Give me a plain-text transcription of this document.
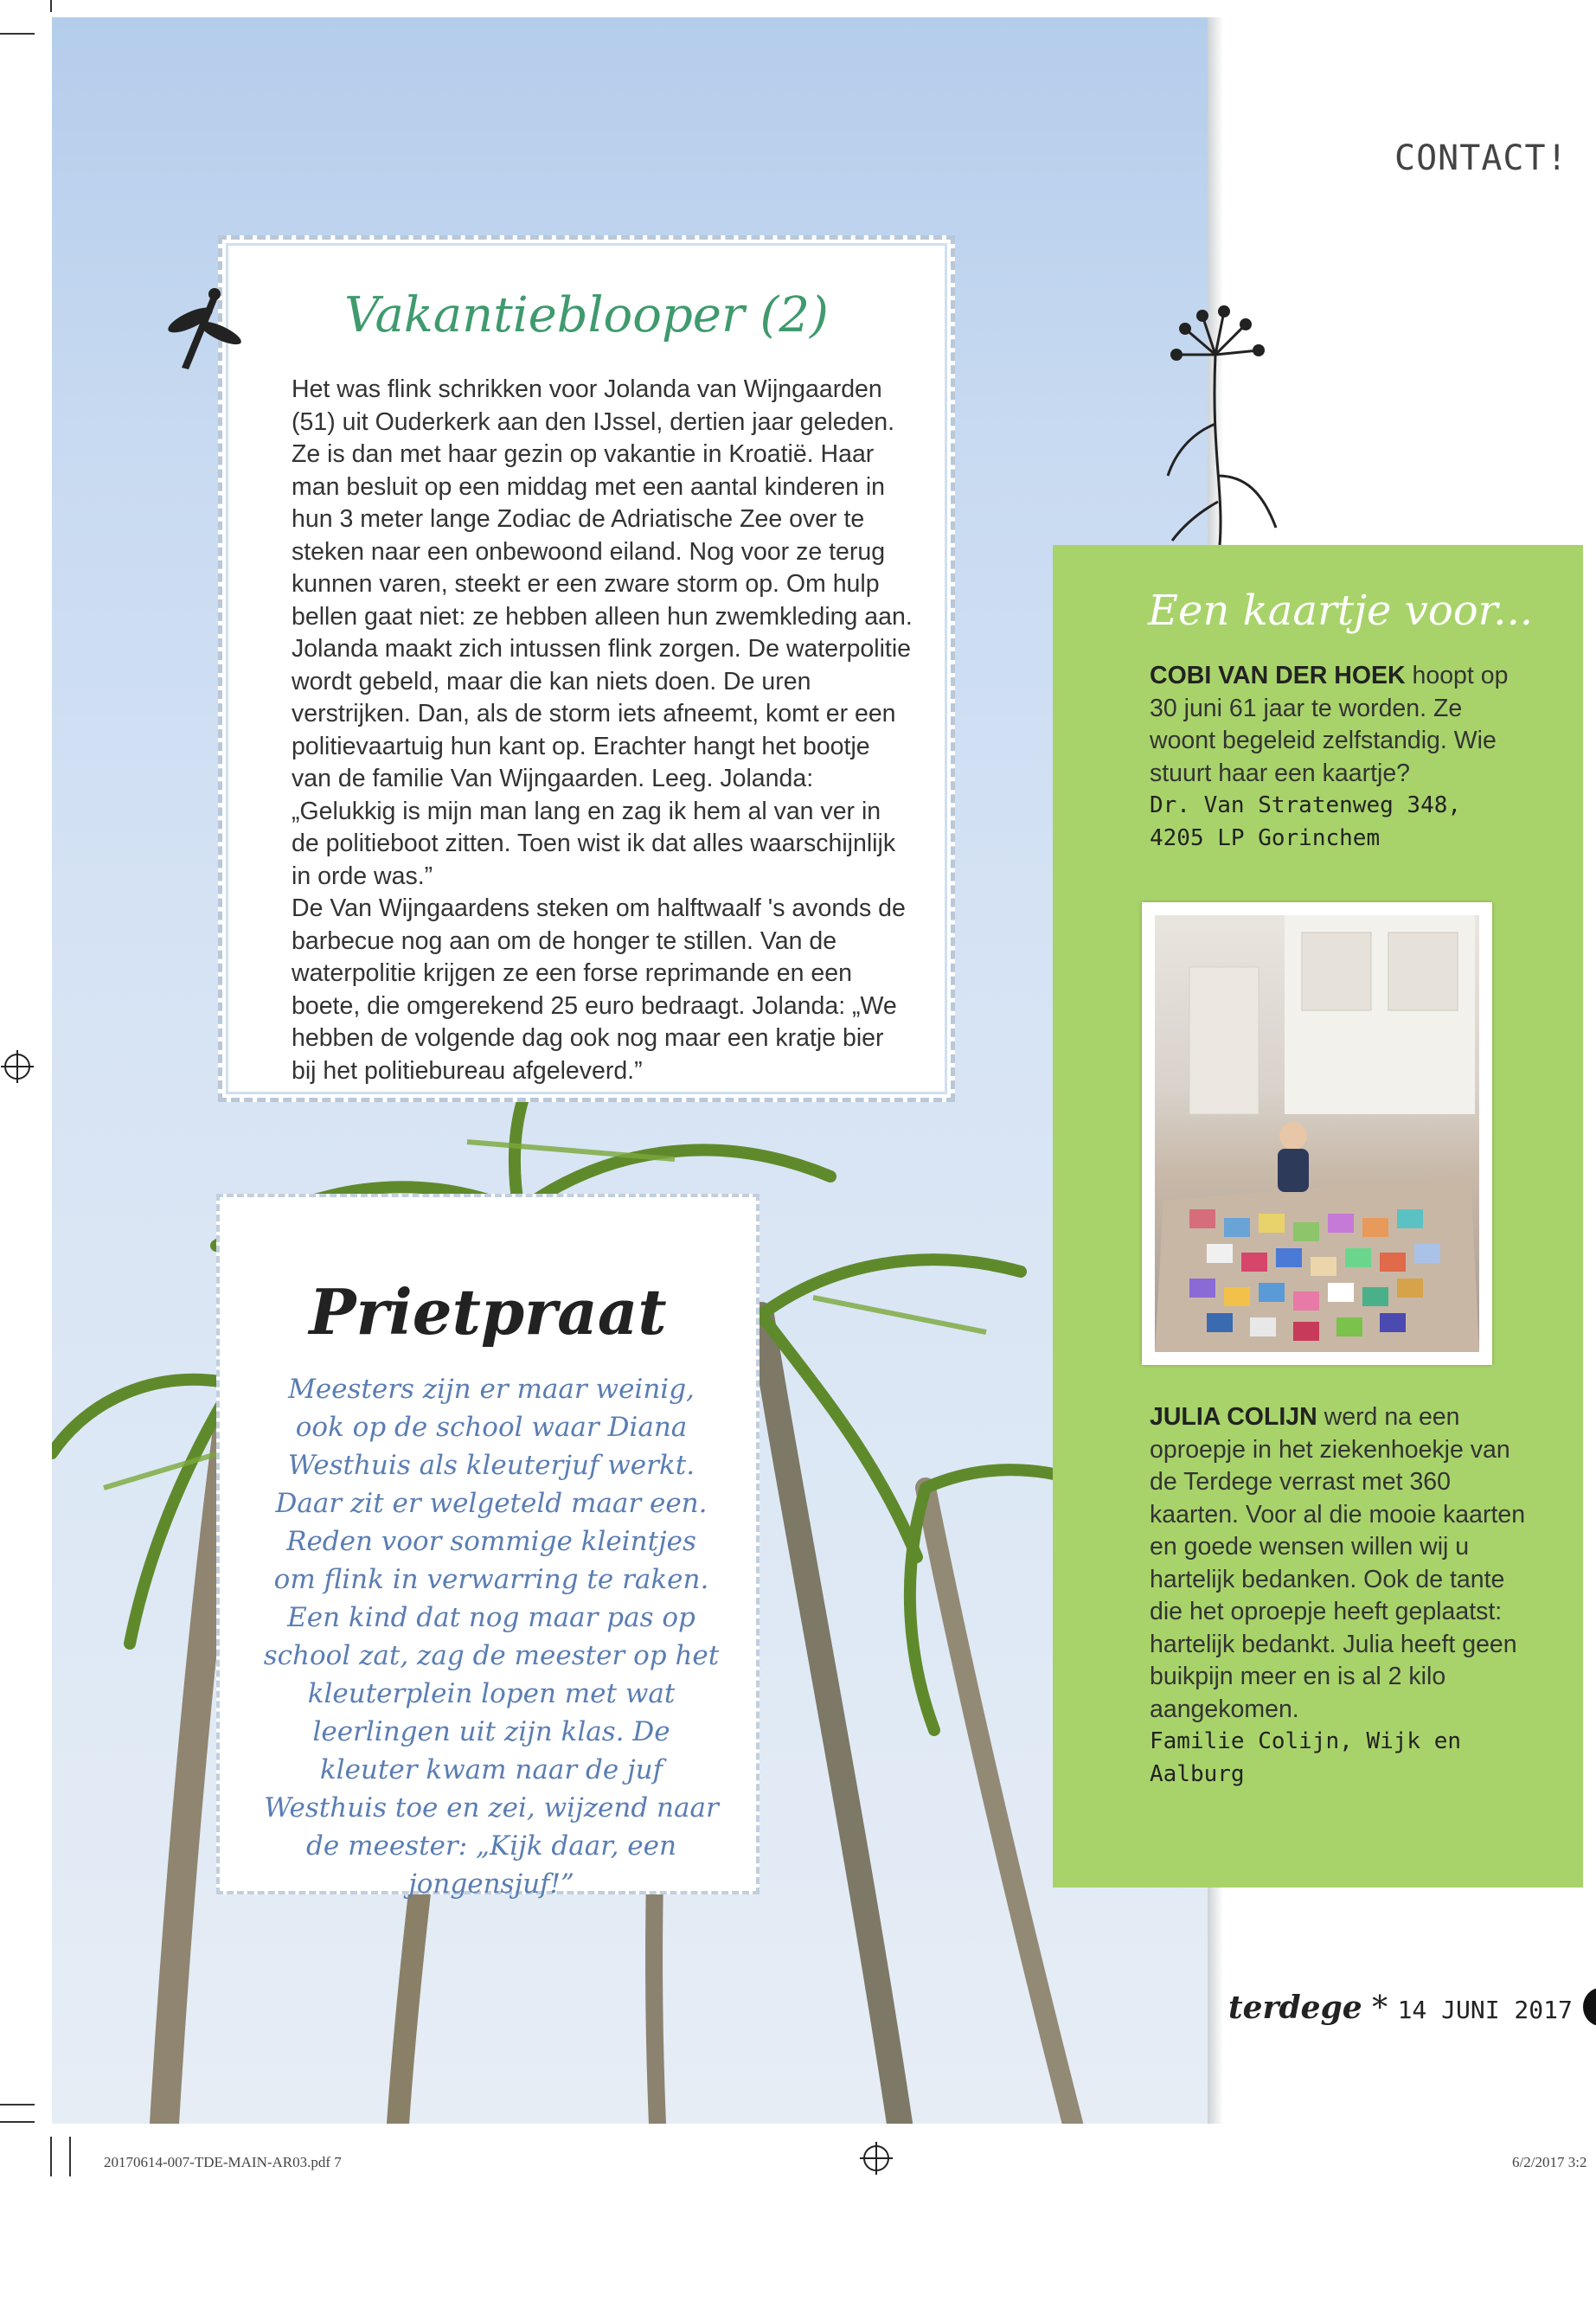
CONTACT!
Vakantieblooper (2)

Het was flink schrikken voor Jolanda van Wijngaarden (51) uit Ouderkerk aan den IJssel, dertien jaar geleden. Ze is dan met haar gezin op vakantie in Kroatië. Haar man besluit op een middag met een aantal kinderen in hun 3 meter lange Zodiac de Adriatische Zee over te steken naar een onbewoond eiland. Nog voor ze terug kunnen varen, steekt er een zware storm op. Om hulp bellen gaat niet: ze hebben alleen hun zwemkleding aan.

Jolanda maakt zich intussen flink zorgen. De waterpolitie wordt gebeld, maar die kan niets doen. De uren verstrijken. Dan, als de storm iets afneemt, komt er een politievaartuig hun kant op. Erachter hangt het bootje van de familie Van Wijngaarden. Leeg. Jolanda: „Gelukkig is mijn man lang en zag ik hem al van ver in de politieboot zitten. Toen wist ik dat alles waarschijnlijk in orde was.”

De Van Wijngaardens steken om halftwaalf 's avonds de barbecue nog aan om de honger te stillen. Van de waterpolitie krijgen ze een forse reprimande en een boete, die omgerekend 25 euro bedraagt. Jolanda: „We hebben de volgende dag ook nog maar een kratje bier bij het politiebureau afgeleverd.”

Prietpraat
Meesters zijn er maar weinig, ook op de school waar Diana Westhuis als kleuterjuf werkt. Daar zit er welgeteld maar een. Reden voor sommige kleintjes om flink in verwarring te raken. Een kind dat nog maar pas op school zat, zag de meester op het kleuterplein lopen met wat leerlingen uit zijn klas. De kleuter kwam naar de juf Westhuis toe en zei, wijzend naar de meester: „Kijk daar, een jongensjuf!”
Een kaartje voor...
COBI VAN DER HOEK hoopt op 30 juni 61 jaar te worden. Ze woont begeleid zelfstandig. Wie stuurt haar een kaartje?
Dr. Van Stratenweg 348,
4205 LP Gorinchem
JULIA COLIJN werd na een oproepje in het ziekenhoekje van de Terdege verrast met 360 kaarten. Voor al die mooie kaarten en goede wensen willen wij u hartelijk bedanken. Ook de tante die het oproepje heeft geplaatst: hartelijk bedankt. Julia heeft geen buikpijn meer en is al 2 kilo aangekomen.
Familie Colijn, Wijk en
Aalburg
terdege * 14 JUNI 2017
20170614-007-TDE-MAIN-AR03.pdf 7	6/2/2017 3:2
